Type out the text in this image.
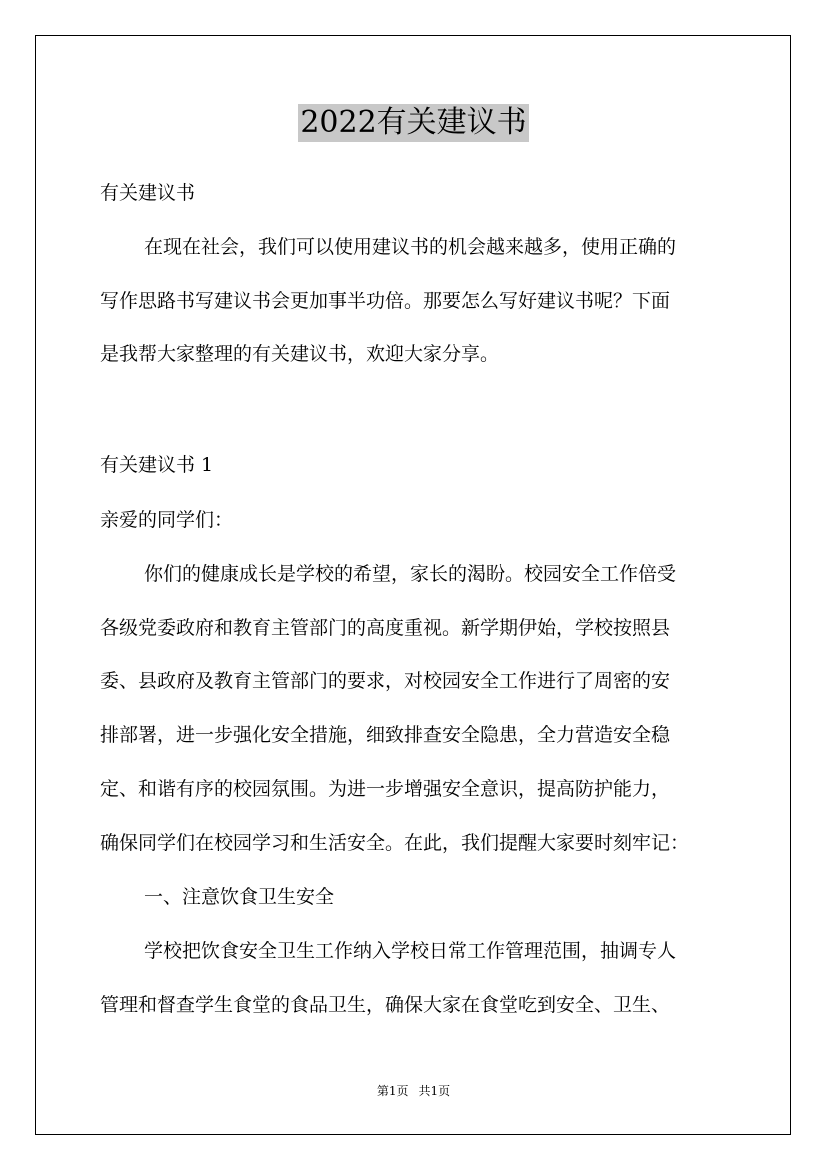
2022有关建议书
有关建议书
在现在社会，我们可以使用建议书的机会越来越多，使用正确的
写作思路书写建议书会更加事半功倍。那要怎么写好建议书呢？下面
是我帮大家整理的有关建议书，欢迎大家分享。
有关建议书 1
亲爱的同学们：
你们的健康成长是学校的希望，家长的渴盼。校园安全工作倍受
各级党委政府和教育主管部门的高度重视。新学期伊始，学校按照县
委、县政府及教育主管部门的要求，对校园安全工作进行了周密的安
排部署，进一步强化安全措施，细致排查安全隐患，全力营造安全稳
定、和谐有序的校园氛围。为进一步增强安全意识，提高防护能力，
确保同学们在校园学习和生活安全。在此，我们提醒大家要时刻牢记：
一、注意饮食卫生安全
学校把饮食安全卫生工作纳入学校日常工作管理范围，抽调专人
管理和督查学生食堂的食品卫生，确保大家在食堂吃到安全、卫生、
第1页 共1页
